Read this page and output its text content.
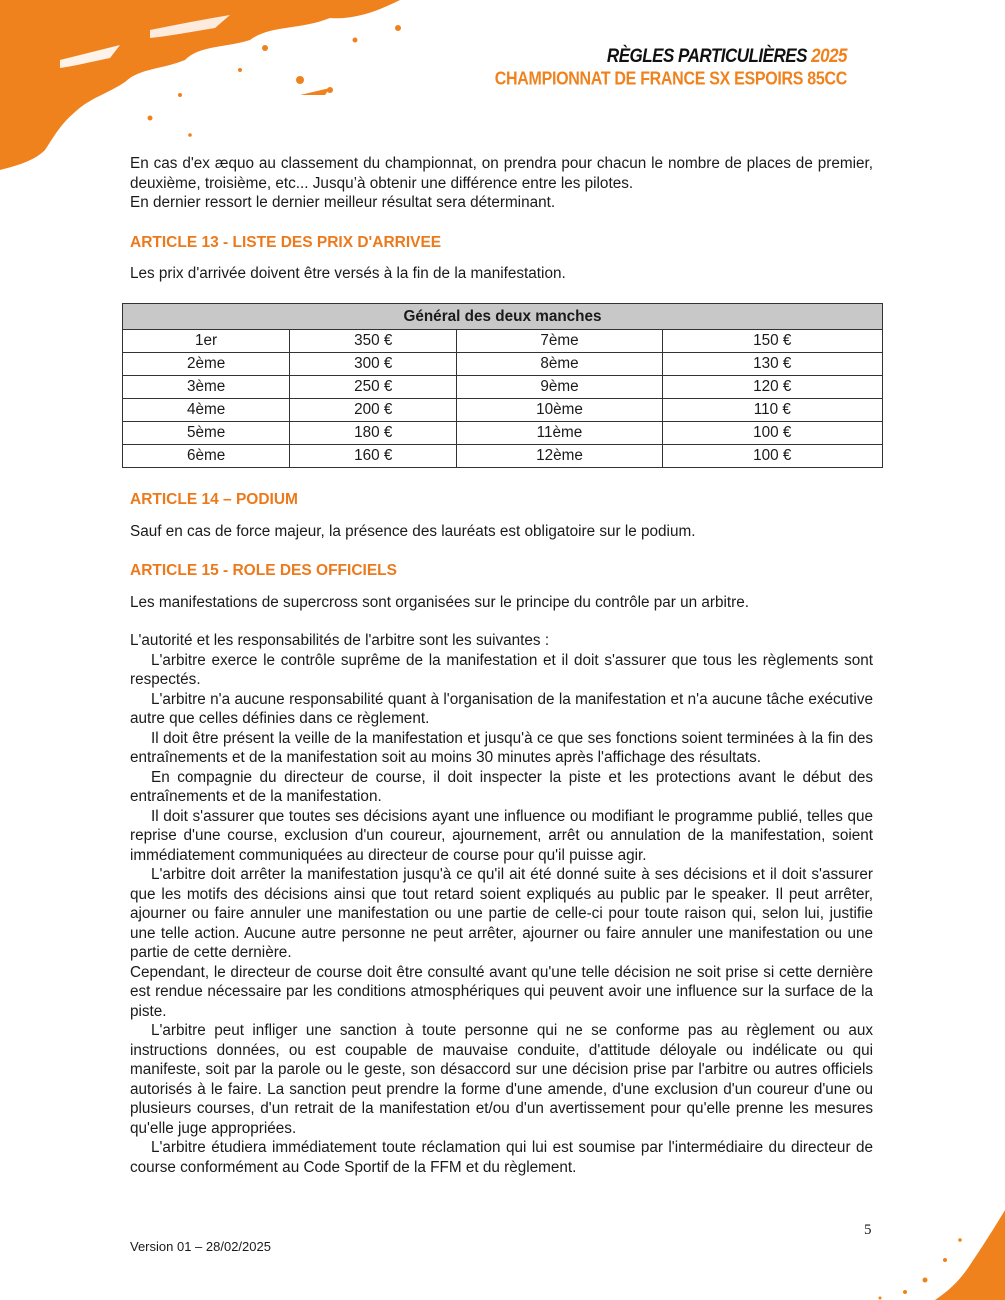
RÈGLES PARTICULIÈRES 2025
CHAMPIONNAT DE FRANCE SX ESPOIRS 85CC

En cas d'ex æquo au classement du championnat, on prendra pour chacun le nombre de places de premier, deuxième, troisième, etc... Jusqu’à obtenir une différence entre les pilotes.

En dernier ressort le dernier meilleur résultat sera déterminant.

ARTICLE 13 - LISTE DES PRIX D'ARRIVEE

Les prix d'arrivée doivent être versés à la fin de la manifestation.

Général des deux manches			
1er	350 €	7ème	150 €
2ème	300 €	8ème	130 €
3ème	250 €	9ème	120 €
4ème	200 €	10ème	110 €
5ème	180 €	11ème	100 €
6ème	160 €	12ème	100 €

ARTICLE 14 – PODIUM

Sauf en cas de force majeur, la présence des lauréats est obligatoire sur le podium.

ARTICLE 15 - ROLE DES OFFICIELS

Les manifestations de supercross sont organisées sur le principe du contrôle par un arbitre.

L'autorité et les responsabilités de l'arbitre sont les suivantes :

L'arbitre exerce le contrôle suprême de la manifestation et il doit s'assurer que tous les règlements sont respectés.

L'arbitre n'a aucune responsabilité quant à l'organisation de la manifestation et n'a aucune tâche exécutive autre que celles définies dans ce règlement.

Il doit être présent la veille de la manifestation et jusqu'à ce que ses fonctions soient terminées à la fin des entraînements et de la manifestation soit au moins 30 minutes après l'affichage des résultats.

En compagnie du directeur de course, il doit inspecter la piste et les protections avant le début des entraînements et de la manifestation.

Il doit s'assurer que toutes ses décisions ayant une influence ou modifiant le programme publié, telles que reprise d'une course, exclusion d'un coureur, ajournement, arrêt ou annulation de la manifestation, soient immédiatement communiquées au directeur de course pour qu'il puisse agir.

L'arbitre doit arrêter la manifestation jusqu'à ce qu'il ait été donné suite à ses décisions et il doit s'assurer que les motifs des décisions ainsi que tout retard soient expliqués au public par le speaker. Il peut arrêter, ajourner ou faire annuler une manifestation ou une partie de celle-ci pour toute raison qui, selon lui, justifie une telle action. Aucune autre personne ne peut arrêter, ajourner ou faire annuler une manifestation ou une partie de cette dernière.

Cependant, le directeur de course doit être consulté avant qu'une telle décision ne soit prise si cette dernière est rendue nécessaire par les conditions atmosphériques qui peuvent avoir une influence sur la surface de la piste.

L'arbitre peut infliger une sanction à toute personne qui ne se conforme pas au règlement ou aux instructions données, ou est coupable de mauvaise conduite, d'attitude déloyale ou indélicate ou qui manifeste, soit par la parole ou le geste, son désaccord sur une décision prise par l'arbitre ou autres officiels autorisés à le faire. La sanction peut prendre la forme d'une amende, d'une exclusion d'un coureur d'une ou plusieurs courses, d'un retrait de la manifestation et/ou d'un avertissement pour qu'elle prenne les mesures qu'elle juge appropriées.

L'arbitre étudiera immédiatement toute réclamation qui lui est soumise par l'intermédiaire du directeur de course conformément au Code Sportif de la FFM et du règlement.

5
Version 01 – 28/02/2025
